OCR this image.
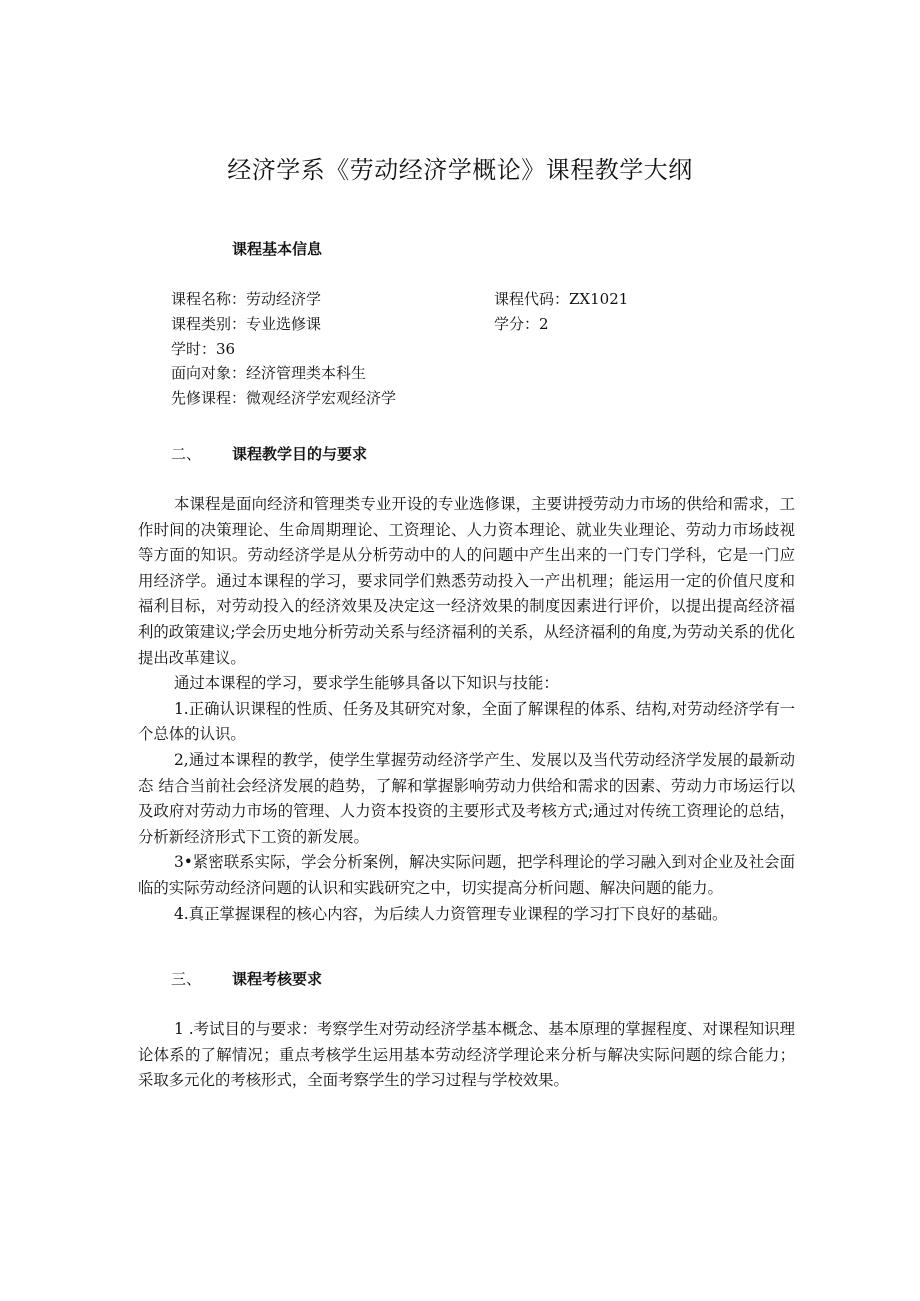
经济学系《劳动经济学概论》课程教学大纲
课程基本信息
课程名称：劳动经济学	课程代码：ZX1021
课程类别：专业选修课	学分：2
学时：36
面向对象：经济管理类本科生
先修课程：微观经济学宏观经济学
二、 课程教学目的与要求

本课程是面向经济和管理类专业开设的专业选修课，主要讲授劳动力市场的供给和需求，工作时间的决策理论、生命周期理论、工资理论、人力资本理论、就业失业理论、劳动力市场歧视等方面的知识。劳动经济学是从分析劳动中的人的问题中产生出来的一门专门学科，它是一门应用经济学。通过本课程的学习，要求同学们熟悉劳动投入一产出机理；能运用一定的价值尺度和福利目标，对劳动投入的经济效果及决定这一经济效果的制度因素进行评价，以提出提高经济福利的政策建议;学会历史地分析劳动关系与经济福利的关系，从经济福利的角度,为劳动关系的优化提出改革建议。

通过本课程的学习，要求学生能够具备以下知识与技能：

1.正确认识课程的性质、任务及其研究对象，全面了解课程的体系、结构,对劳动经济学有一个总体的认识。

2,通过本课程的教学，使学生掌握劳动经济学产生、发展以及当代劳动经济学发展的最新动态 结合当前社会经济发展的趋势，了解和掌握影响劳动力供给和需求的因素、劳动力市场运行以及政府对劳动力市场的管理、人力资本投资的主要形式及考核方式;通过对传统工资理论的总结，分析新经济形式下工资的新发展。

3•紧密联系实际，学会分析案例，解决实际问题，把学科理论的学习融入到对企业及社会面临的实际劳动经济问题的认识和实践研究之中，切实提高分析问题、解决问题的能力。

4.真正掌握课程的核心内容，为后续人力资管理专业课程的学习打下良好的基础。

三、 课程考核要求

1 .考试目的与要求：考察学生对劳动经济学基本概念、基本原理的掌握程度、对课程知识理论体系的了解情况；重点考核学生运用基本劳动经济学理论来分析与解决实际问题的综合能力；采取多元化的考核形式，全面考察学生的学习过程与学校效果。
